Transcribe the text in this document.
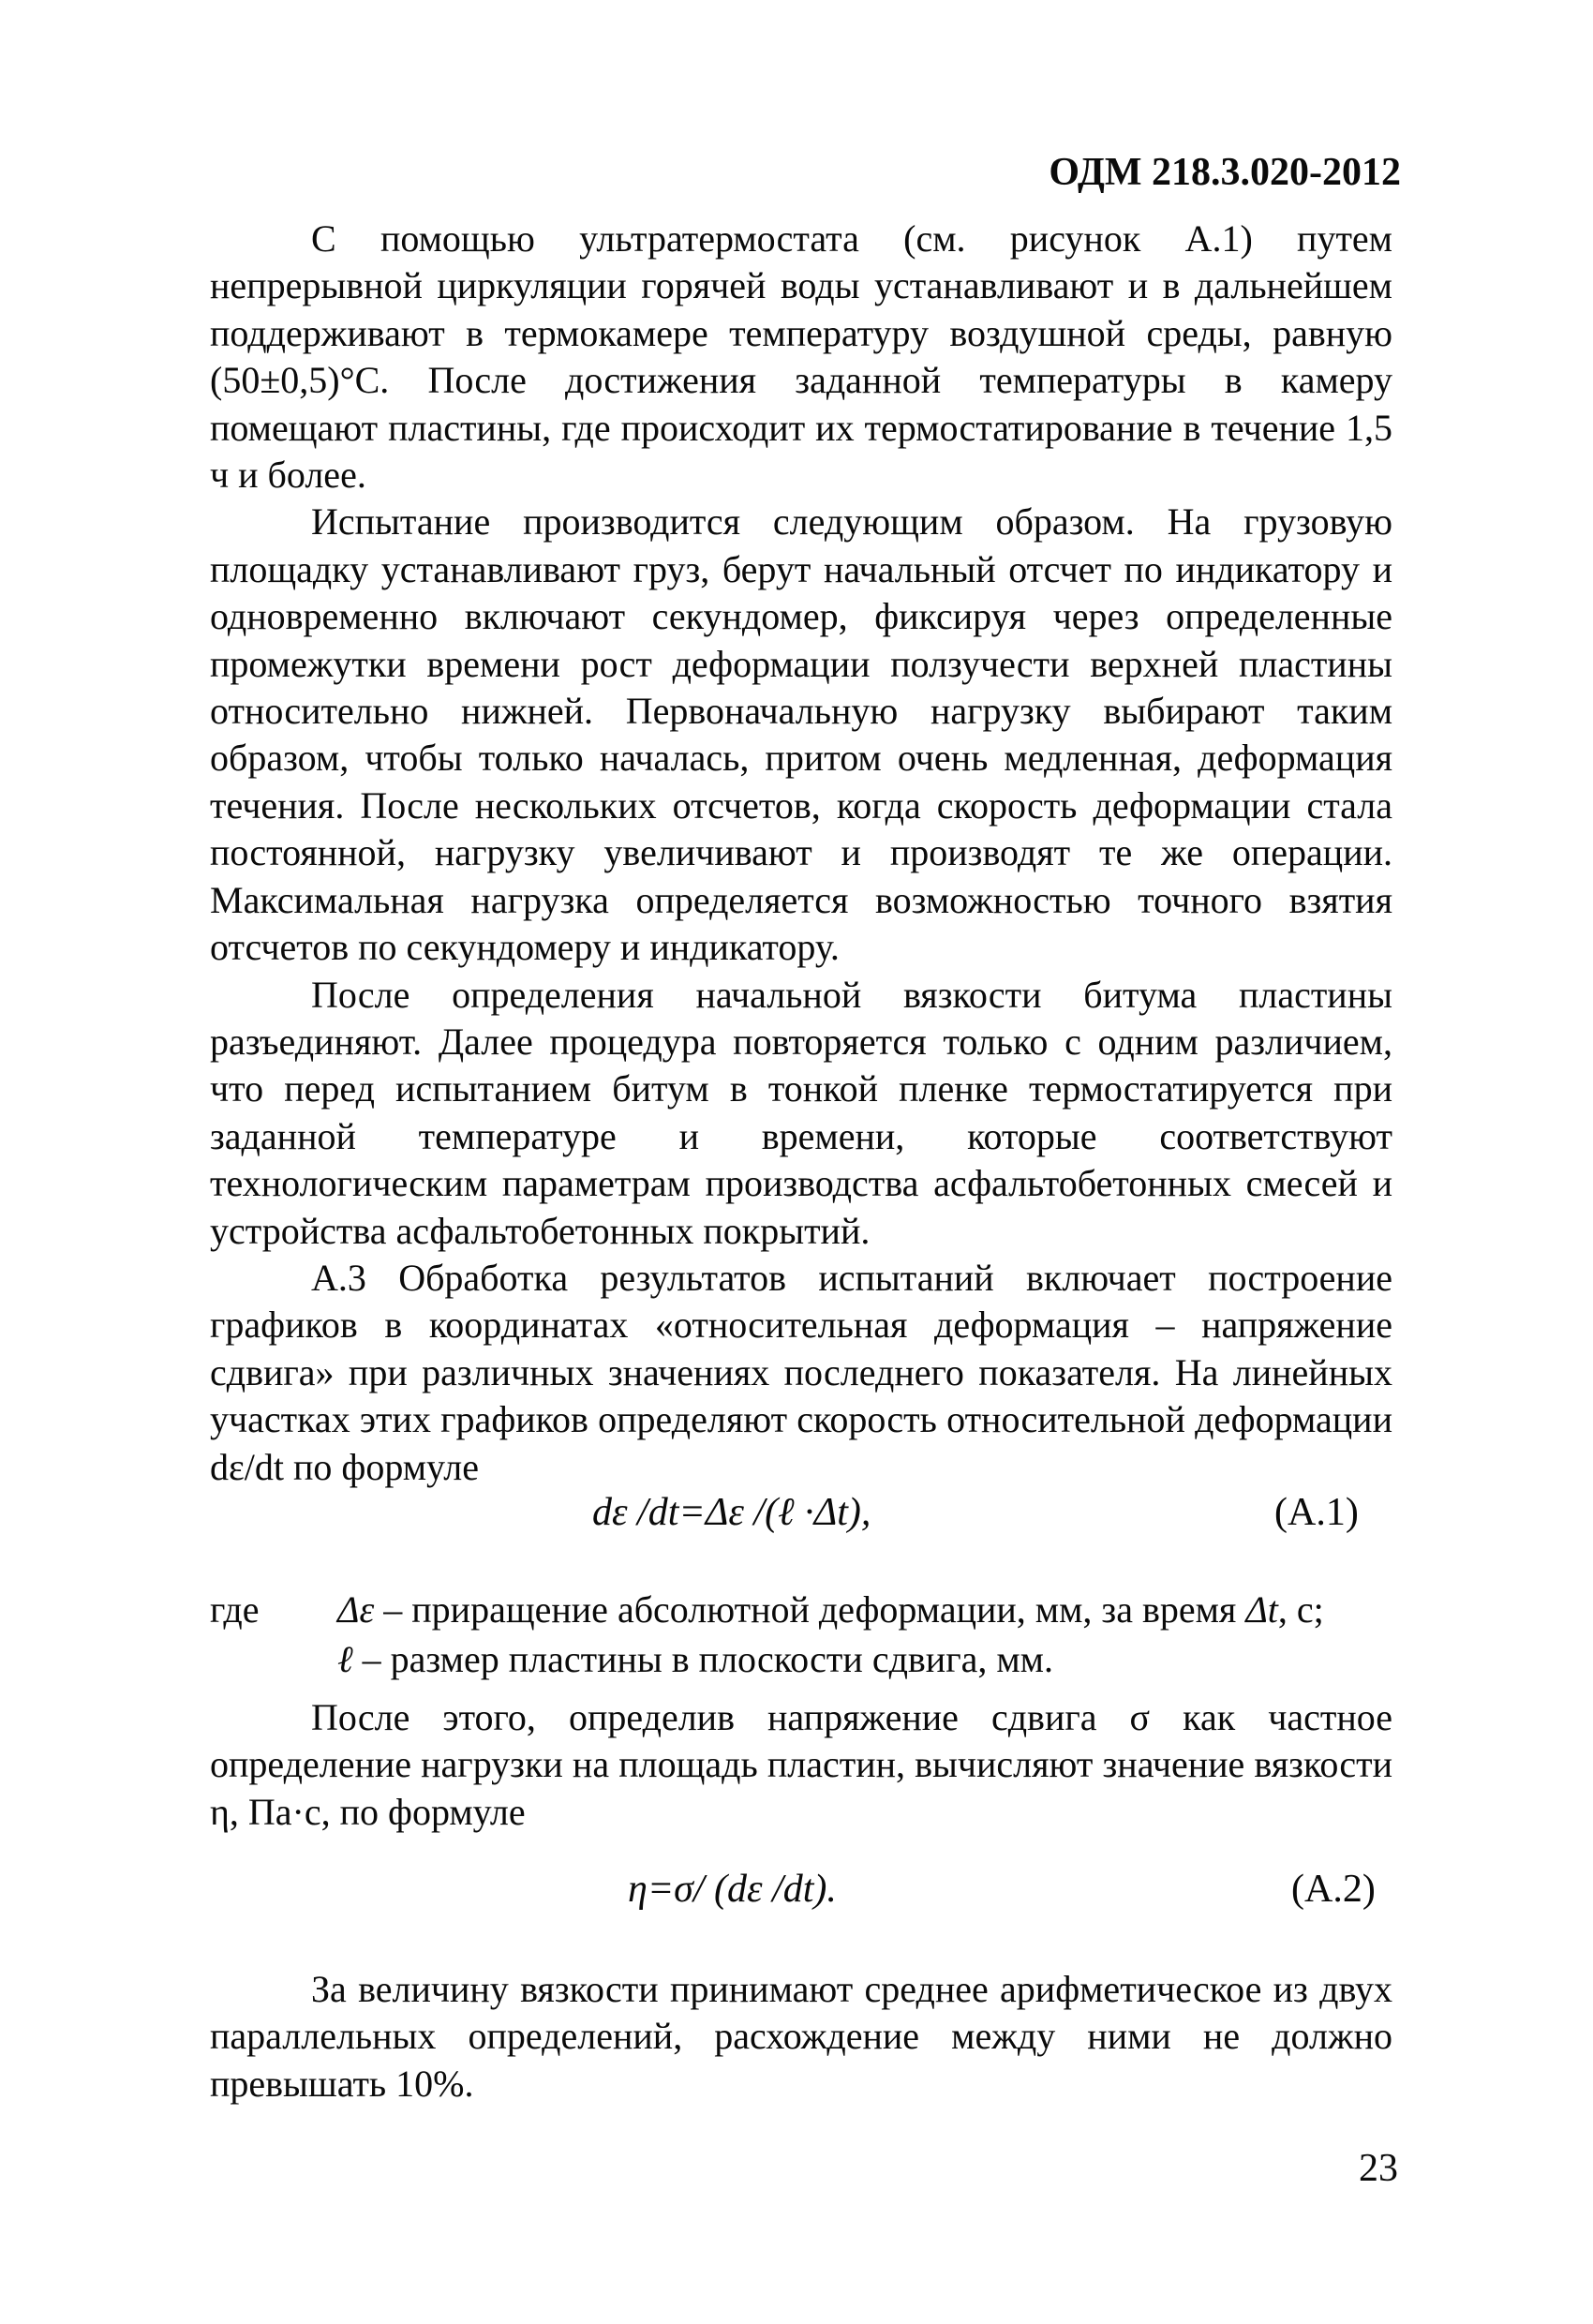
ОДМ 218.3.020-2012

С помощью ультратермостата (см. рисунок А.1) путем непрерывной циркуляции горячей воды устанавливают и в дальнейшем поддерживают в термокамере температуру воздушной среды, равную (50±0,5)°С. После достижения заданной температуры в камеру помещают пластины, где происходит их термостатирование в течение 1,5 ч и более.

Испытание производится следующим образом. На грузовую площадку устанавливают груз, берут начальный отсчет по индикатору и одновременно включают секундомер, фиксируя через определенные промежутки времени рост деформации ползучести верхней пластины относительно нижней. Первоначальную нагрузку выбирают таким образом, чтобы только началась, притом очень медленная, деформация течения. После нескольких отсчетов, когда скорость деформации стала постоянной, нагрузку увеличивают и производят те же операции. Максимальная нагрузка определяется возможностью точного взятия отсчетов по секундомеру и индикатору.

После определения начальной вязкости битума пластины разъединяют. Далее процедура повторяется только с одним различием, что перед испытанием битум в тонкой пленке термостатируется при заданной температуре и времени, которые соответствуют технологическим параметрам производства асфальтобетонных смесей и устройства асфальтобетонных покрытий.

А.3 Обработка результатов испытаний включает построение графиков в координатах «относительная деформация – напряжение сдвига» при различных значениях последнего показателя. На линейных участках этих графиков определяют скорость относительной деформации dε/dt по формуле

dε /dt=Δε /(ℓ ·Δt),	(А.1)
где Δε – приращение абсолютной деформации, мм, за время Δt, с;
ℓ – размер пластины в плоскости сдвига, мм.

После этого, определив напряжение сдвига σ как частное определение нагрузки на площадь пластин, вычисляют значение вязкости η, Па·с, по формуле

η=σ/ (dε /dt).	(А.2)

За величину вязкости принимают среднее арифметическое из двух параллельных определений, расхождение между ними не должно превышать 10%.

23
